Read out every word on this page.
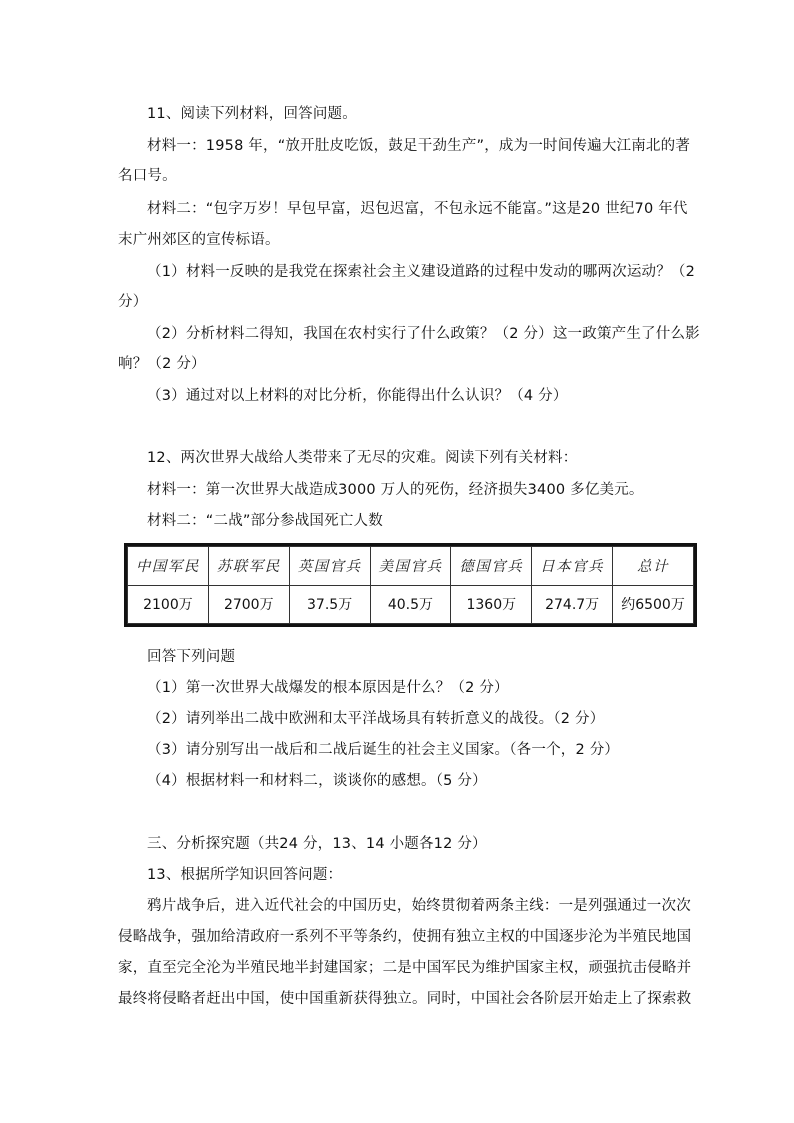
11、阅读下列材料，回答问题。
材料一：1958 年，“放开肚皮吃饭，鼓足干劲生产”，成为一时间传遍大江南北的著
名口号。
材料二：“包字万岁！早包早富，迟包迟富，不包永远不能富。”这是20 世纪70 年代
末广州郊区的宣传标语。
（1）材料一反映的是我党在探索社会主义建设道路的过程中发动的哪两次运动？（2
分）
（2）分析材料二得知，我国在农村实行了什么政策？（2 分）这一政策产生了什么影
响？（2 分）
（3）通过对以上材料的对比分析，你能得出什么认识？（4 分）
12、两次世界大战给人类带来了无尽的灾难。阅读下列有关材料：
材料一：第一次世界大战造成3000 万人的死伤，经济损失3400 多亿美元。
材料二：“二战”部分参战国死亡人数
中国军民	苏联军民	英国官兵	美国官兵	德国官兵	日本官兵	总计
2100万	2700万	37.5万	40.5万	1360万	274.7万	约6500万
回答下列问题
（1）第一次世界大战爆发的根本原因是什么？（2 分）
（2）请列举出二战中欧洲和太平洋战场具有转折意义的战役。（2 分）
（3）请分别写出一战后和二战后诞生的社会主义国家。（各一个，2 分）
（4）根据材料一和材料二，谈谈你的感想。（5 分）
三、分析探究题（共24 分，13、14 小题各12 分）
13、根据所学知识回答问题：
鸦片战争后，进入近代社会的中国历史，始终贯彻着两条主线：一是列强通过一次次
侵略战争，强加给清政府一系列不平等条约，使拥有独立主权的中国逐步沦为半殖民地国
家，直至完全沦为半殖民地半封建国家；二是中国军民为维护国家主权，顽强抗击侵略并
最终将侵略者赶出中国，使中国重新获得独立。同时，中国社会各阶层开始走上了探索救
